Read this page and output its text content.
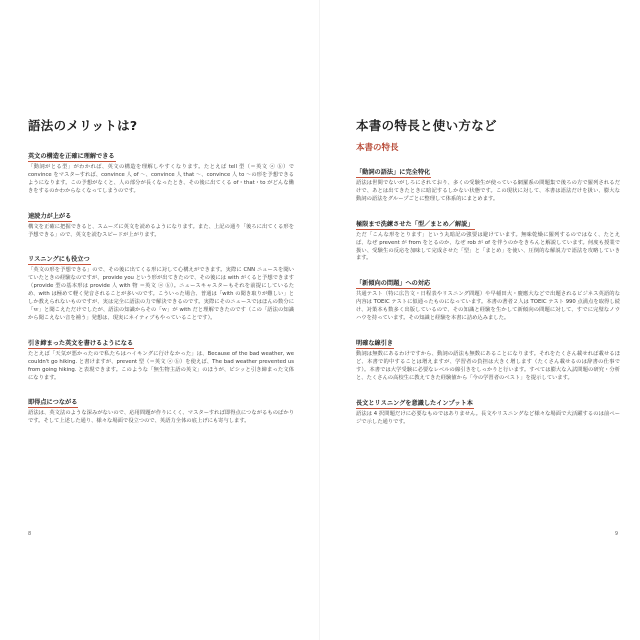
語法のメリットは?
英文の構造を正確に理解できる

「動詞がとる型」がわかれば、英文の構造を理解しやすくなります。たとえば tell 型（＝英文 ⓐ ⓑ）で convince をマスターすれば、convince 人 of 〜、convince 人 that 〜、convince 人 to 〜の形を予想できるようになります。この予想がなくと、人の部分が長くなったとき、その後に出てくる of・that・to がどんな働きをするのかわからなくなってしまうのです。

速読力が上がる

構文を正確に把握できると、スムーズに英文を読めるようになります。また、上記の通り「後ろに出てくる形を予想できる」ので、英文を読むスピードが上がります。

リスニングにも役立つ

「英文の形を予想できる」ので、その後に出てくる形に対して心構えができます。実際に CNN ニュースを聞いていたときの経験なのですが、provide you という形が出てきたので、その後には with がくると予想できます（provide 型の基本形は provide 人 with 物 ＝英文 ⓐ ⓑ）。ニュースキャスターもそれを前提にしているため、with は極めて軽く発音されることが多いのです。こういった場合、普通は「with の聞き取りが難しい」としか教えられないものですが、実は完全に語法の力で解決できるのです。実際にそのニュースではほんの数分に「ｗ」と聞こえただけでしたが、語法の知識からその「ｗ」が with だと理解できたのです（この「語法の知識から聞こえない音を補う」発想は、現実にネイティブもやっていることです）。

引き締まった英文を書けるようになる

たとえば「天気が悪かったので私たちはハイキングに行けなかった」は、Because of the bad weather, we couldn't go hiking. と書けますが、prevent 型（＝英文 ⓐ ⓑ）を使えば、The bad weather prevented us from going hiking. と表現できます。このような「無生物主語の英文」のほうが、ピシッと引き締まった文体になります。

即得点につながる

語法は、英文法のような深みがないので、応用問題が作りにくく、マスターすれば即得点につながるものばかりです。そして上述した通り、様々な場面で役立つので、英語力全体の底上げにも寄与します。

8
本書の特長と使い方など
本書の特長
「動詞の語法」に完全特化

語法は世間でないがしろにされており、多くの受験生が使っている網羅系の問題集で後ろの方で羅列されるだけで、あとは出てきたときに暗記するしかない状態です。この現状に対して、本書は語法だけを扱い、膨大な動詞の語法をグループごとに整理して体系的にまとめます。

極限まで洗練させた「型／まとめ／解説」

ただ「こんな形をとります」という丸暗記の強要は避けています。無味乾燥に羅列するのではなく、たとえば、なぜ prevent が from をとるのか、なぜ rob が of を伴うのかをきちんと解説しています。何度も授業で扱い、受験生の反応を加味して完成させた「型」と「まとめ」を使い、圧倒的な解説力で語法を攻略していきます。

「新傾向の問題」への対応

共通テスト（特に広告文・日程表やリスニング問題）や早稲田大・慶應大などで出題されるビジネス英語的な内容は TOEIC テストに似通ったものになっています。本書の著者２人は TOEIC テスト 990 点満点を取得し続け、対策本も数多く出版しているので、その知識と経験を生かして新傾向の問題に対して、すでに完璧なノウハウを持っています。その知識と経験を本書に詰め込みました。

明確な線引き

動詞は無数にあるわけですから、動詞の語法も無数にあることになります。それをたくさん載せれば載せるほど、本書で的中することは増えますが、学習者の負担は大きく増します（たくさん載せるのは辞書の仕事です）。本書では大学受験に必要なレベルの線引きをしっかりと行います。すべては膨大な入試問題の研究・分析と、たくさんの高校生に教えてきた経験値から「今の学習者のベスト」を提示しています。

長文とリスニングを意識したインプット本

語法は 4 択問題だけに必要なものではありません。長文やリスニングなど様々な場面で大活躍するのは前ページで示した通りです。

9
